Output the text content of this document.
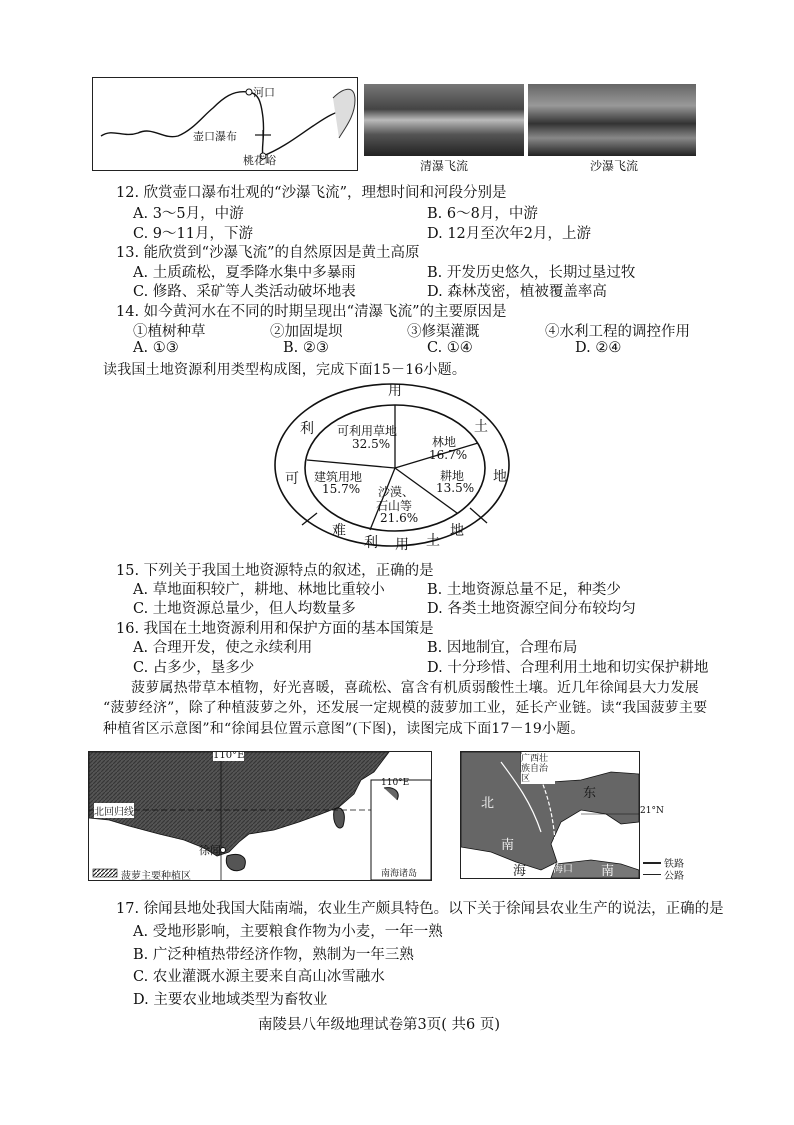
河口
壶口瀑布
桃花峪	清瀑飞流	沙瀑飞流
12. 欣赏壶口瀑布壮观的“沙瀑飞流”，理想时间和河段分别是
A. 3～5月，中游	B. 6～8月，中游
C. 9～11月，下游	D. 12月至次年2月，上游
13. 能欣赏到“沙瀑飞流”的自然原因是黄土高原
A. 土质疏松，夏季降水集中多暴雨	B. 开发历史悠久，长期过垦过牧
C. 修路、采矿等人类活动破坏地表	D. 森林茂密，植被覆盖率高
14. 如今黄河水在不同的时期呈现出“清瀑飞流”的主要原因是
①植树种草	②加固堤坝	③修渠灌溉	④水利工程的调控作用
A. ①③	B. ②③	C. ①④	D. ②④
读我国土地资源利用类型构成图，完成下面15－16小题。
用
土
地
利
可
难
利 用 土
地
可利用草地
32.5%	林地
16.7%
耕地
13.5%
沙漠、
石山等
21.6%
建筑用地
15.7%
15. 下列关于我国土地资源特点的叙述，正确的是
A. 草地面积较广，耕地、林地比重较小	B. 土地资源总量不足，种类少
C. 土地资源总量少，但人均数量多	D. 各类土地资源空间分布较均匀
16. 我国在土地资源利用和保护方面的基本国策是
A. 合理开发，使之永续利用	B. 因地制宜，合理布局
C. 占多少，垦多少	D. 十分珍惜、合理利用土地和切实保护耕地
菠萝属热带草本植物，好光喜暖，喜疏松、富含有机质弱酸性土壤。近几年徐闻县大力发展
“菠萝经济”，除了种植菠萝之外，还发展一定规模的菠萝加工业，延长产业链。读“我国菠萝主要
种植省区示意图”和“徐闻县位置示意图”(下图)，读图完成下面17－19小题。
110°E
北回归线
徐闻
110°E
南海诸岛
菠萝主要种植区
广西壮族自治区
东
北
南
海
徐闻
海口 南
21°N
铁路
公路
17. 徐闻县地处我国大陆南端，农业生产颇具特色。以下关于徐闻县农业生产的说法，正确的是
A. 受地形影响，主要粮食作物为小麦，一年一熟
B. 广泛种植热带经济作物，熟制为一年三熟
C. 农业灌溉水源主要来自高山冰雪融水
D. 主要农业地域类型为畜牧业
南陵县八年级地理试卷第3页( 共6 页)
